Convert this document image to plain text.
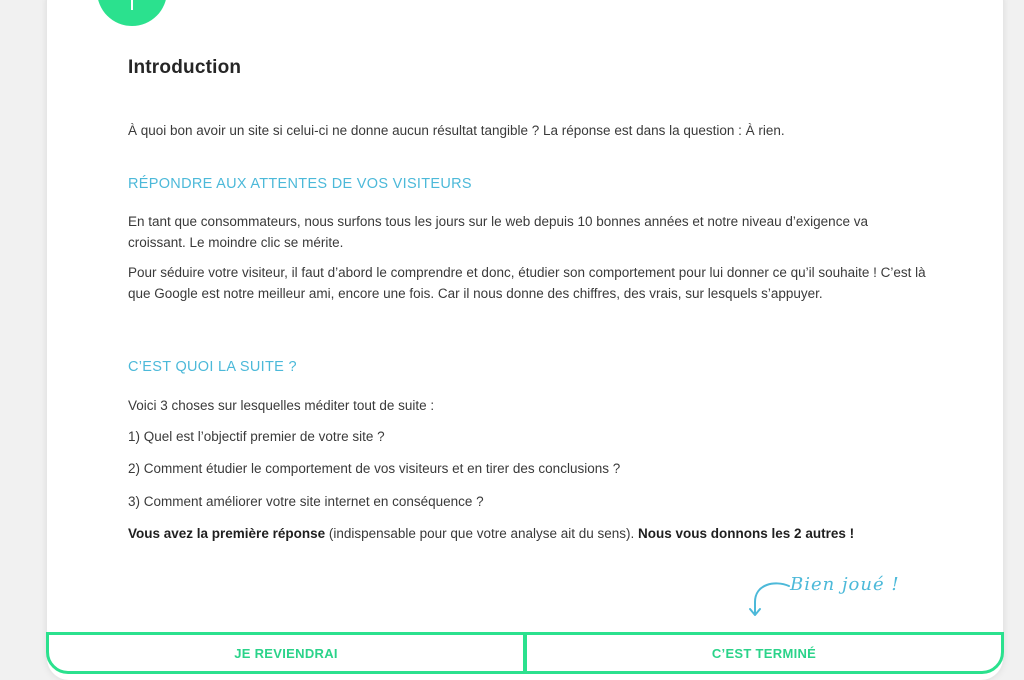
Introduction

À quoi bon avoir un site si celui-ci ne donne aucun résultat tangible ? La réponse est dans la question : À rien.

RÉPONDRE AUX ATTENTES DE VOS VISITEURS

En tant que consommateurs, nous surfons tous les jours sur le web depuis 10 bonnes années et notre niveau d’exigence va croissant. Le moindre clic se mérite.

Pour séduire votre visiteur, il faut d’abord le comprendre et donc, étudier son comportement pour lui donner ce qu’il souhaite ! C’est là que Google est notre meilleur ami, encore une fois. Car il nous donne des chiffres, des vrais, sur lesquels s’appuyer.

C’EST QUOI LA SUITE ?

Voici 3 choses sur lesquelles méditer tout de suite :

1) Quel est l’objectif premier de votre site ?

2) Comment étudier le comportement de vos visiteurs et en tirer des conclusions ?

3) Comment améliorer votre site internet en conséquence ?

Vous avez la première réponse (indispensable pour que votre analyse ait du sens). Nous vous donnons les 2 autres !

Bien joué !
JE REVIENDRAI	C’EST TERMINÉ
